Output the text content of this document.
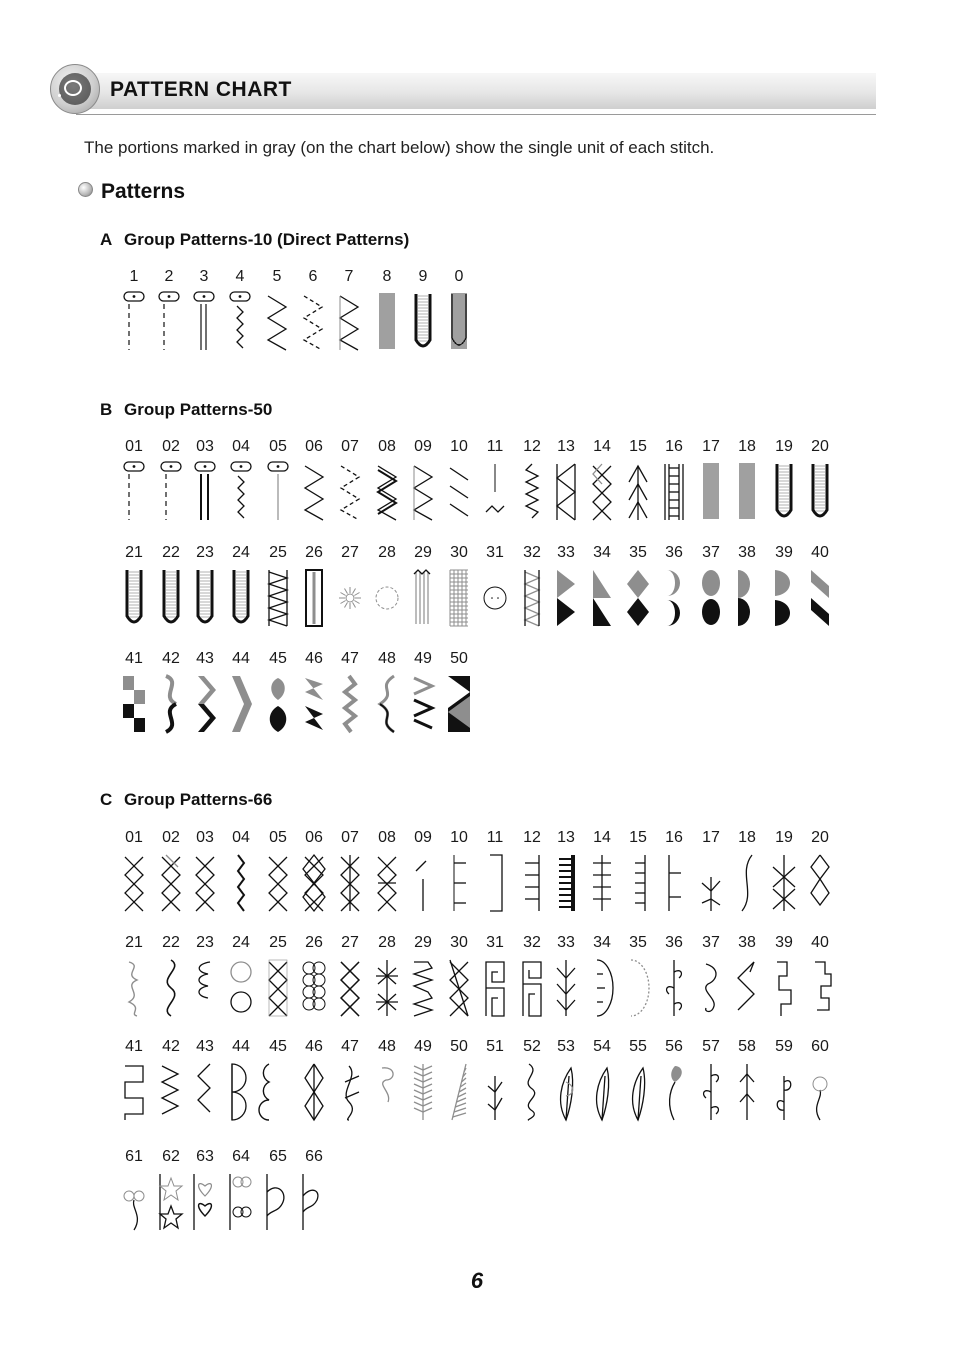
PATTERN CHART
The portions marked in gray (on the chart below) show the single unit of each stitch.
Patterns
A Group Patterns-10 (Direct Patterns)
1 2 3 4 5 6 7 8 9 0
B Group Patterns-50
01 02 03 04 05 06 07 08 09 10 11 12 13 14 15 16 17 18 19 20
21 22 23 24 25 26 27 28 29 30 31 32 33 34 35 36 37 38 39 40
41 42 43 44 45 46 47 48 49 50
C Group Patterns-66
01 02 03 04 05 06 07 08 09 10 11 12 13 14 15 16 17 18 19 20
21 22 23 24 25 26 27 28 29 30 31 32 33 34 35 36 37 38 39 40
41 42 43 44 45 46 47 48 49 50 51 52 53 54 55 56 57 58 59 60
61 62 63 64 65 66
6
